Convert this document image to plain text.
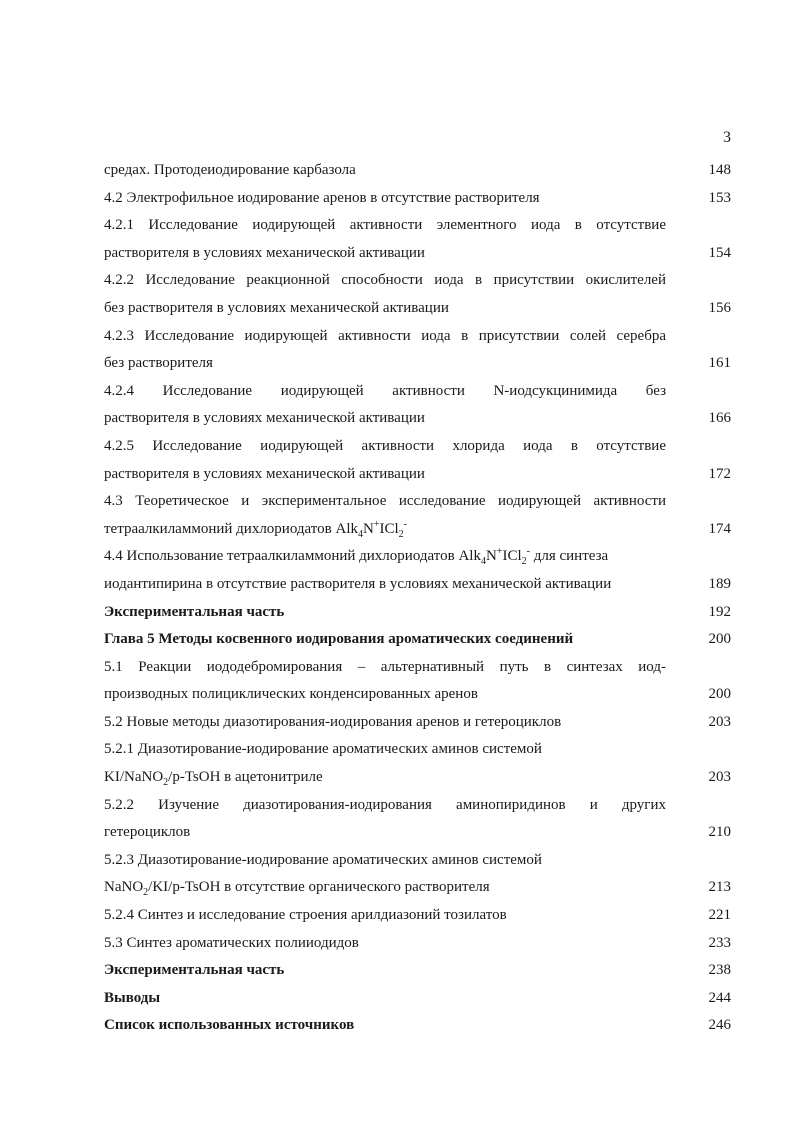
3
средах. Протодеиодирование карбазола	148
4.2 Электрофильное иодирование аренов в отсутствие растворителя	153
4.2.1 Исследование иодирующей активности элементного иода в отсутствие
растворителя в условиях механической активации	154
4.2.2 Исследование реакционной способности иода в присутствии окислителей
без растворителя в условиях механической активации	156
4.2.3 Исследование иодирующей активности иода в присутствии солей серебра
без растворителя	161
4.2.4 Исследование иодирующей активности N-иодсукцинимида без
растворителя в условиях механической активации	166
4.2.5 Исследование иодирующей активности хлорида иода в отсутствие
растворителя в условиях механической активации	172
4.3 Теоретическое и экспериментальное исследование иодирующей активности
тетраалкиламмоний дихлориодатов Alk$_4$N+ICl$_2$-	174
4.4 Использование тетраалкиламмоний дихлориодатов Alk$_4$N+ICl$_2$- для синтеза
иодантипирина в отсутствие растворителя в условиях механической активации	189
Экспериментальная часть	192
Глава 5 Методы косвенного иодирования ароматических соединений	200
5.1 Реакции иододебромирования – альтернативный путь в синтезах иод-
производных полициклических конденсированных аренов	200
5.2 Новые методы диазотирования-иодирования аренов и гетероциклов	203
5.2.1 Диазотирование-иодирование ароматических аминов системой
KI/NaNO$_2$/p-TsOH в ацетонитриле	203
5.2.2 Изучение диазотирования-иодирования аминопиридинов и других
гетероциклов	210
5.2.3 Диазотирование-иодирование ароматических аминов системой
NaNO$_2$/KI/p-TsOH в отсутствие органического растворителя	213
5.2.4 Синтез и исследование строения арилдиазоний тозилатов	221
5.3 Синтез ароматических полииодидов	233
Экспериментальная часть	238
Выводы	244
Список использованных источников	246
